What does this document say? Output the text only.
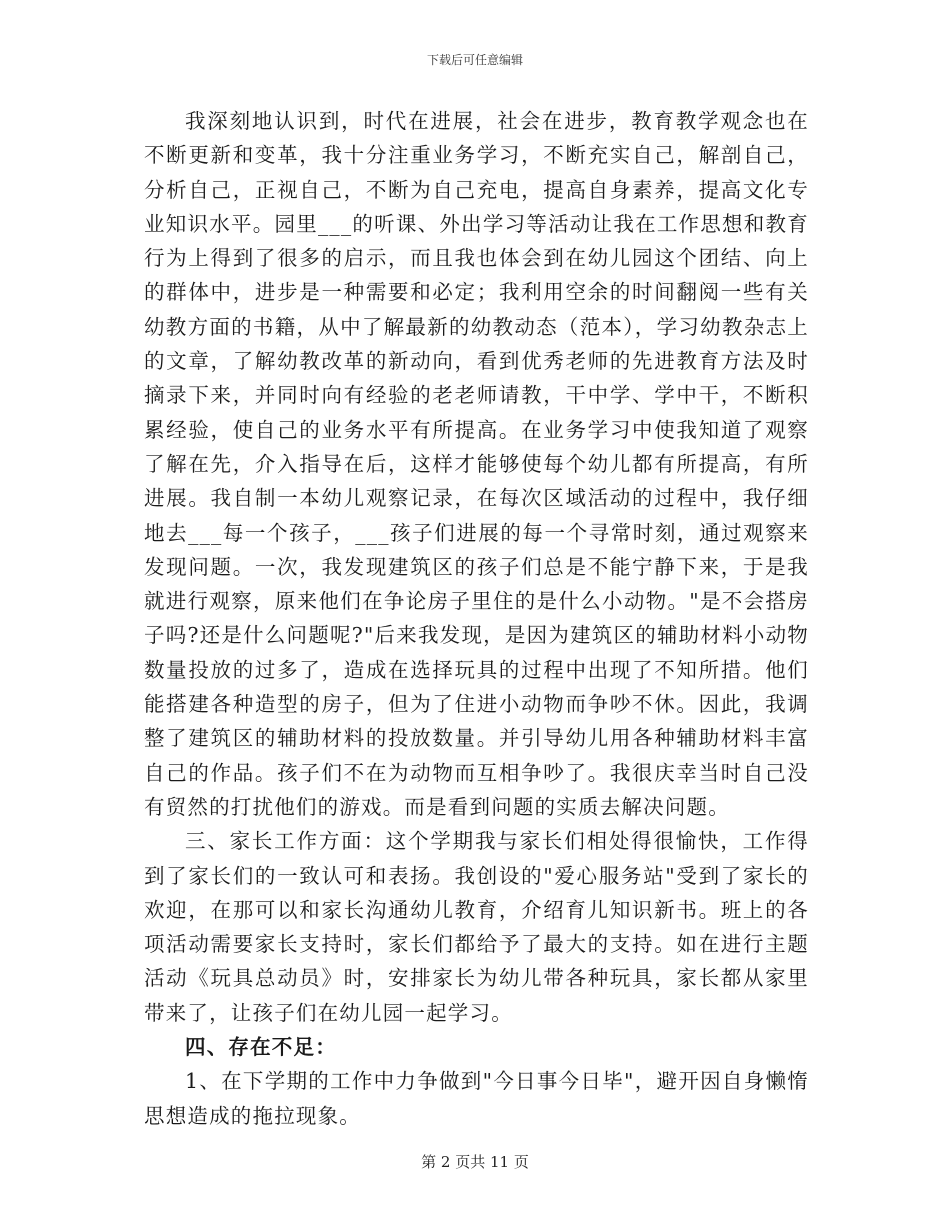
下载后可任意编辑

我深刻地认识到，时代在进展，社会在进步，教育教学观念也在不断更新和变革，我十分注重业务学习，不断充实自己，解剖自己，分析自己，正视自己，不断为自己充电，提高自身素养，提高文化专业知识水平。园里___的听课、外出学习等活动让我在工作思想和教育行为上得到了很多的启示，而且我也体会到在幼儿园这个团结、向上的群体中，进步是一种需要和必定；我利用空余的时间翻阅一些有关幼教方面的书籍，从中了解最新的幼教动态（范本），学习幼教杂志上的文章，了解幼教改革的新动向，看到优秀老师的先进教育方法及时摘录下来，并同时向有经验的老老师请教，干中学、学中干，不断积累经验，使自己的业务水平有所提高。在业务学习中使我知道了观察了解在先，介入指导在后，这样才能够使每个幼儿都有所提高，有所进展。我自制一本幼儿观察记录，在每次区域活动的过程中，我仔细地去___每一个孩子，___孩子们进展的每一个寻常时刻，通过观察来发现问题。一次，我发现建筑区的孩子们总是不能宁静下来，于是我就进行观察，原来他们在争论房子里住的是什么小动物。"是不会搭房子吗?还是什么问题呢?"后来我发现，是因为建筑区的辅助材料小动物数量投放的过多了，造成在选择玩具的过程中出现了不知所措。他们能搭建各种造型的房子，但为了住进小动物而争吵不休。因此，我调整了建筑区的辅助材料的投放数量。并引导幼儿用各种辅助材料丰富自己的作品。孩子们不在为动物而互相争吵了。我很庆幸当时自己没有贸然的打扰他们的游戏。而是看到问题的实质去解决问题。

三、家长工作方面：这个学期我与家长们相处得很愉快，工作得到了家长们的一致认可和表扬。我创设的"爱心服务站"受到了家长的欢迎，在那可以和家长沟通幼儿教育，介绍育儿知识新书。班上的各项活动需要家长支持时，家长们都给予了最大的支持。如在进行主题活动《玩具总动员》时，安排家长为幼儿带各种玩具，家长都从家里带来了，让孩子们在幼儿园一起学习。

四、存在不足：

1、在下学期的工作中力争做到"今日事今日毕"，避开因自身懒惰思想造成的拖拉现象。

第 2 页共 11 页
